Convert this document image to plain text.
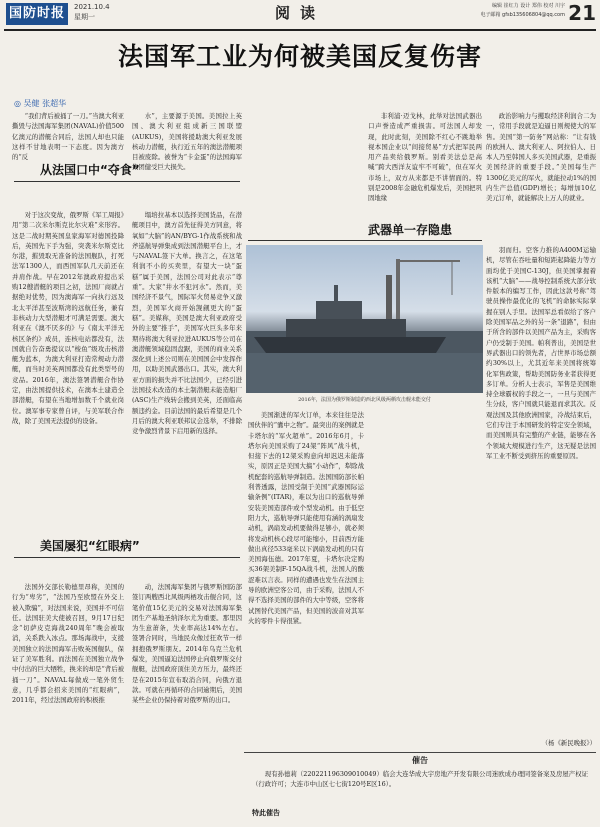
国防时报	2021.10.4
星期一	阅读	编辑 崔红力 设计 郑伟 校对 川宇
电子邮箱 gfsb135606804@qq.com 21
法国军工业为何被美国反复伤害
◎ 吴健 张超华

“我们背后被捅了一刀。”当澳大利亚撕毁与法国海军集团(NAVAL)价值500亿澳元的潜艇合同后，法国人却也只能这样不甘地表明一下态度。因为澳方的“反

水”，主要源于美国。美国拉上英国、澳大利亚组成新三国联盟(AUKUS)，美国将援助澳大利亚发展核动力潜艇，执行近五年的澳法潜艇项目被废除。被誉为“卡金蛋”的法国海军集团健受巨大损失。

非利浦·迈戈林，此举对法国武器出口声誉造成严重损害。可法国人却发现，此时此刻，美国除不红心不跳地举视本国企业以“间接贸易”方式把军民两用产品卖给俄罗斯。别看美法总是高喊“跨大西洋友谊牢不可破”，但在军火市场上，双方从来都是不讲情面的。特别是2008年金融危机爆发后，美国把巩固地缘

政治影响力与攫取经济利润合二为一，常用手段就是迫逼日则规使大的军售。美国“第一防务”网站称：“让有钱的欧洲人、澳大利亚人、阿拉伯人、日本人乃至韩国人多买美国武器，是重振美国经济的重要手段。”美国每生产1300亿美元的军火，就能拉动1%的国内生产总值(GDP)增长；每增加10亿美元订单，就能解决上万人的就业。

从法国口中“夺食”

对于这次变故，俄罗斯《军工周报》用“第二次米尔斯克比尔灾难”来形容。这是二战时期英国皇家海军对德国投降后，英国先下手为强，突袭米尔斯克比尔港，摧毁取无准备的法国舰队，打死法军1300人，而西国军队几天前还在并肩作战。早在2012年澳政府提出采购12艘潜艇的项目之初，法国厂商就占据绝对优势，因为澳海军一向执行远及北太平洋甚至波斯湾的远航任务，兼有非核动力大型潜艇才可满足需要。澳大利亚在《澳不厌多的》与《南太平洋无核区条约》成员，连核电站都没有，法国就自告奋勇提议以“梭鱼”级攻击核潜艇为蓝本，为澳大利亚打造常规动力潜艇，而当时美英两国都没有此类型号的竞品。2016年，澳法签署潜艇合作协定，由法国提供技术，在澳本土建造全部潜艇，有望在当地增加数千个就业岗位。澳军事专家曾自评，与美军联合作战，除了美国无法提供的设备。

塌培拉基本以选择美国货品，在潜艇项目中，澳方首先征得美方同意，将氧如“大脑”的AN/BYG-1作战系统和战斧巡航导弹集成到法国潜艇平台上，才与NAVAL签下大单。换言之，在这笔利润不小的买卖里，有望大一块“蛋糕”属于美国，法国公司对此表示“尊重”。大家“井水不犯河水”。然而，美国经济不景气，国际军火贸易竞争又激烈，美国军火商开始觊觎更大的“蛋糕”。美媒称，美国是澳大利亚政府受外的主要“推手”，美国军火巨头多年来期待将澳大利亚拉进AUKUS等公司在澳潜艇领域稳固盘踞，美国的商业关系深化到上述公司则在美国国会中发挥作用，以助美国武器出口。其实，澳大利亚方面的损失并不比法国少，已经引进法国技术改造的本土制潜艇未能造船厂(ASC)生产线转会搬到美英，还面临高额违约金。目前法国的最后希望是几个月后的澳大利亚联邦议会选举，不排除竞争激烈背景下启用新的选择。

美国屡犯“红眼病”

法国外交部长勒德里昂称，美国的行为“卑劣”，“法国乃至欧盟在外交上被入欺骗”，对法国来说，美国并不可信任。法国驻美大使被召回，9月17日纪念“切萨皮克海战240周年”晚会被取消，关系跌入冰点。那场海战中，支援美国独立的法国海军击败英国舰队，保证了美军胜利。而法国在美国独立战争中付出的巨大牺牲，换来的却是“背后被捅一刀”。NAVAL每做成一笔外贸生意，几乎都会招来美国的“红眼病”，2011年，经过法国政府的积极推

动，法国海军集团与俄罗斯国防部签订两艘西北风级两栖攻击舰合同，这笔价值15亿美元的交易对法国海军集团生产基地圣纳泽尔尤为重要。那里因为生意萧条，失业率高达14%左右。签署合同时，当地民众像过狂欢节一样拥抱俄罗斯朋友。2014年乌克兰危机爆发，美国逼迫法国停止向俄罗斯交付舰艇，法国政府顶住美方压力，最终还是在2015年宣布取消合同，向俄方退款。可就在再循环的合同逾期后，美国某些企业仍保持着对俄罗斯的出口。

武器单一存隐患
2016年，法国为俄罗斯制造的西北风级两栖攻击舰未能交付

美国渐进的军火订单，本来往往是法国伙伴的“囊中之物”。最突出的案例就是卡塔尔的“军火超单”。2016年6月，卡塔尔向美国采购了24架“阵风”战斗机，但接下去的12架采购意向却迟迟未能落实，原因正是美国大搞“小动作”，犁除战机配套的巡航导弹制造。法国国防部长帕利普透露，法国受制于美国“武器国际运输条例”(ITAR)，难以为出口的巡航导弹安装美国造部件或个型发动机。由于低空阳力大，巡航导弹只能使用有涵的涡扇发动机，涡扇发动机要做得足够小，就必须将发动机核心段尽可能缩小，目前西方能做出真径533毫米以下涡扇发动机的只有美国海伍德。2017年夏，卡塔尔决定购买36架美制F-15QA战斗机，法国人的酸涩难以言表。同样的遭遇也发生在法国主导的欧洲空客公司，由于采购，法国人不得不选择美国的部件的大中等级，空客将试图替代美国产品，但美国的波音对其军火的零件卡得很紧。

羽而归。空客力推的A400M运输机，尽管在吞吐量和短距起降能力等方面均优于美国C-130J，但美国掌握着该机“大脑”——战导控制系统大部分软件版本的编写工作，因此这款号称“驾驶员操作最优化的飞机”的命脉实际掌握在别人手里。法国军总看似给了客户除美国军品之外的另一条“退路”，但由于所含的部件以美国产品为主，采购客户仍受制于美国。帕利普出，美国是世界武器出口的领先者，占世界市场总额约30%以上，尤其近年来美国将统筹化军售政策，帮助美国防务业者获得更多订单。分析人士表示，军售是美国维持全球霸权的手段之一，一旦与美国产生分歧，客户国就只能退而求其次。反观法国及其他欧洲国家，冷战结束后，它们专注于本国研发的特定安全领域，而美国则具有完整的产业链，能够在各个领域大规模进行生产，这无疑是法国军工业不断受到挤压的重要原因。

（杨《新民晚报》）
催告
现有孙德莉（220221196309010049）临会大连华成大宇房地产开发有限公司迷欧成办理同签备案及房屋产权证（行政许可；大连市中山区七七街120号E区16）。
特此催告
